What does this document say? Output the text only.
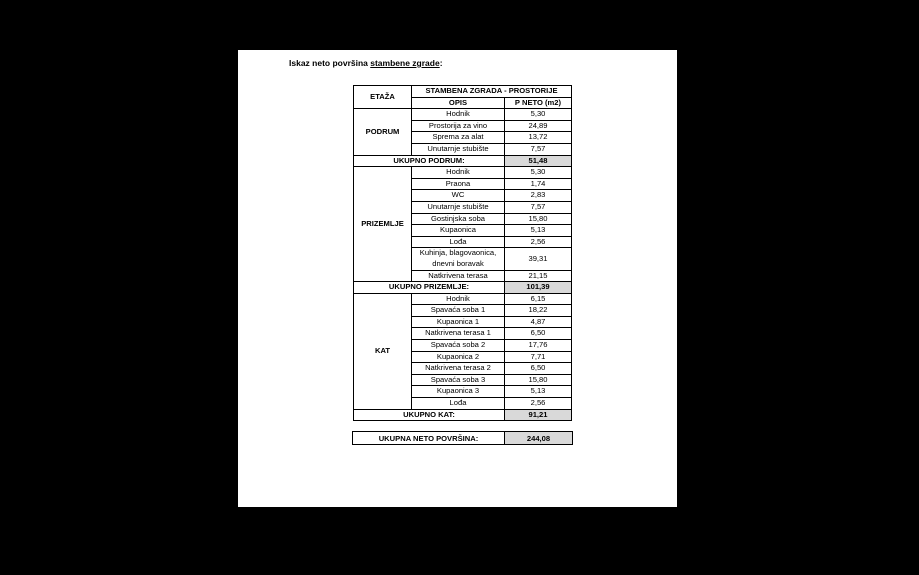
Iskaz neto površina stambene zgrade:
ETAŽA	STAMBENA ZGRADA - PROSTORIJE	
	OPIS	P NETO (m2)
PODRUM	Hodnik	5,30
	Prostorija za vino	24,89
	Sprema za alat	13,72
	Unutarnje stubište	7,57
UKUPNO PODRUM:		51,48
PRIZEMLJE	Hodnik	5,30
	Praona	1,74
	WC	2,83
	Unutarnje stubište	7,57
	Gostinjska soba	15,80
	Kupaonica	5,13
	Lođa	2,56
	Kuhinja, blagovaonica,
dnevni boravak	39,31
	Natkrivena terasa	21,15
UKUPNO PRIZEMLJE:		101,39
KAT	Hodnik	6,15
	Spavaća soba 1	18,22
	Kupaonica 1	4,87
	Natkrivena terasa 1	6,50
	Spavaća soba 2	17,76
	Kupaonica 2	7,71
	Natkrivena terasa 2	6,50
	Spavaća soba 3	15,80
	Kupaonica 3	5,13
	Lođa	2,56
UKUPNO KAT:		91,21
UKUPNA NETO POVRŠINA:	244,08
